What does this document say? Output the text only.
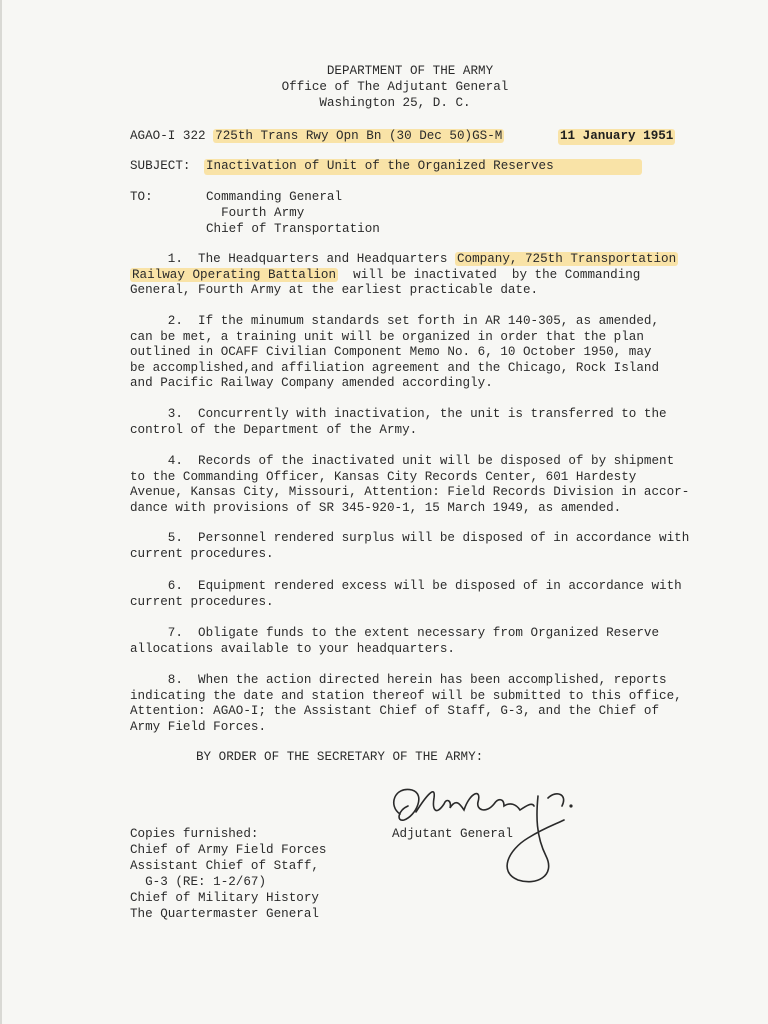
DEPARTMENT OF THE ARMY
Office of The Adjutant General
Washington 25, D. C.
AGAO-I 322 725th Trans Rwy Opn Bn (30 Dec 50)GS-M	11 January 1951
SUBJECT: Inactivation of Unit of the Organized Reserves
TO:	Commanding General
Fourth Army
Chief of Transportation
1.  The Headquarters and Headquarters Company, 725th Transportation
Railway Operating Battalion  will be inactivated  by the Commanding
General, Fourth Army at the earliest practicable date.
2.  If the minumum standards set forth in AR 140-305, as amended,
can be met, a training unit will be organized in order that the plan
outlined in OCAFF Civilian Component Memo No. 6, 10 October 1950, may
be accomplished,and affiliation agreement and the Chicago, Rock Island
and Pacific Railway Company amended accordingly.
3.  Concurrently with inactivation, the unit is transferred to the
control of the Department of the Army.
4.  Records of the inactivated unit will be disposed of by shipment
to the Commanding Officer, Kansas City Records Center, 601 Hardesty
Avenue, Kansas City, Missouri, Attention: Field Records Division in accor-
dance with provisions of SR 345-920-1, 15 March 1949, as amended.
5.  Personnel rendered surplus will be disposed of in accordance with
current procedures.
6.  Equipment rendered excess will be disposed of in accordance with
current procedures.
7.  Obligate funds to the extent necessary from Organized Reserve
allocations available to your headquarters.
8.  When the action directed herein has been accomplished, reports
indicating the date and station thereof will be submitted to this office,
Attention: AGAO-I; the Assistant Chief of Staff, G-3, and the Chief of
Army Field Forces.
BY ORDER OF THE SECRETARY OF THE ARMY:
Adjutant General
Copies furnished:
Chief of Army Field Forces
Assistant Chief of Staff,
G-3 (RE: 1-2/67)
Chief of Military History
The Quartermaster General
